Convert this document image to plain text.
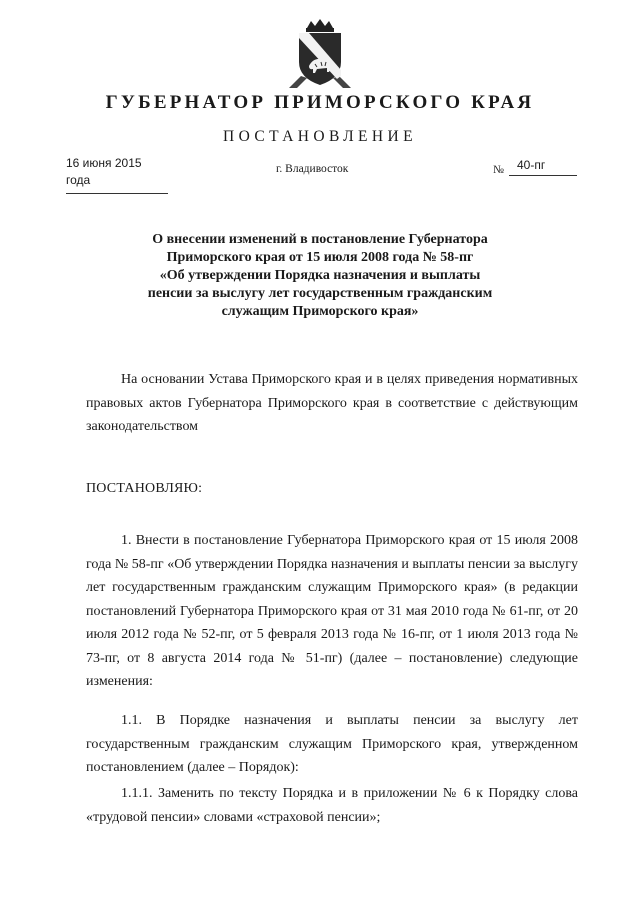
ГУБЕРНАТОР ПРИМОРСКОГО КРАЯ
ПОСТАНОВЛЕНИЕ
16 июня 2015 года
г. Владивосток	№	40-пг
О внесении изменений в постановление Губернатора
Приморского края от 15 июля 2008 года № 58-пг
«Об утверждении Порядка назначения и выплаты
пенсии за выслугу лет государственным гражданским
служащим Приморского края»

На основании Устава Приморского края и в целях приведения нормативных правовых актов Губернатора Приморского края в соответствие с действующим законодательством

ПОСТАНОВЛЯЮ:

1. Внести в постановление Губернатора Приморского края от 15 июля 2008 года № 58-пг «Об утверждении Порядка назначения и выплаты пенсии за выслугу лет государственным гражданским служащим Приморского края» (в редакции постановлений Губернатора Приморского края от 31 мая 2010 года № 61-пг, от 20 июля 2012 года № 52-пг, от 5 февраля 2013 года № 16-пг, от 1 июля 2013 года № 73-пг, от 8 августа 2014 года № 51-пг) (далее – постановление) следующие изменения:

1.1. В Порядке назначения и выплаты пенсии за выслугу лет государственным гражданским служащим Приморского края, утвержденном постановлением (далее – Порядок):

1.1.1. Заменить по тексту Порядка и в приложении № 6 к Порядку слова «трудовой пенсии» словами «страховой пенсии»;
